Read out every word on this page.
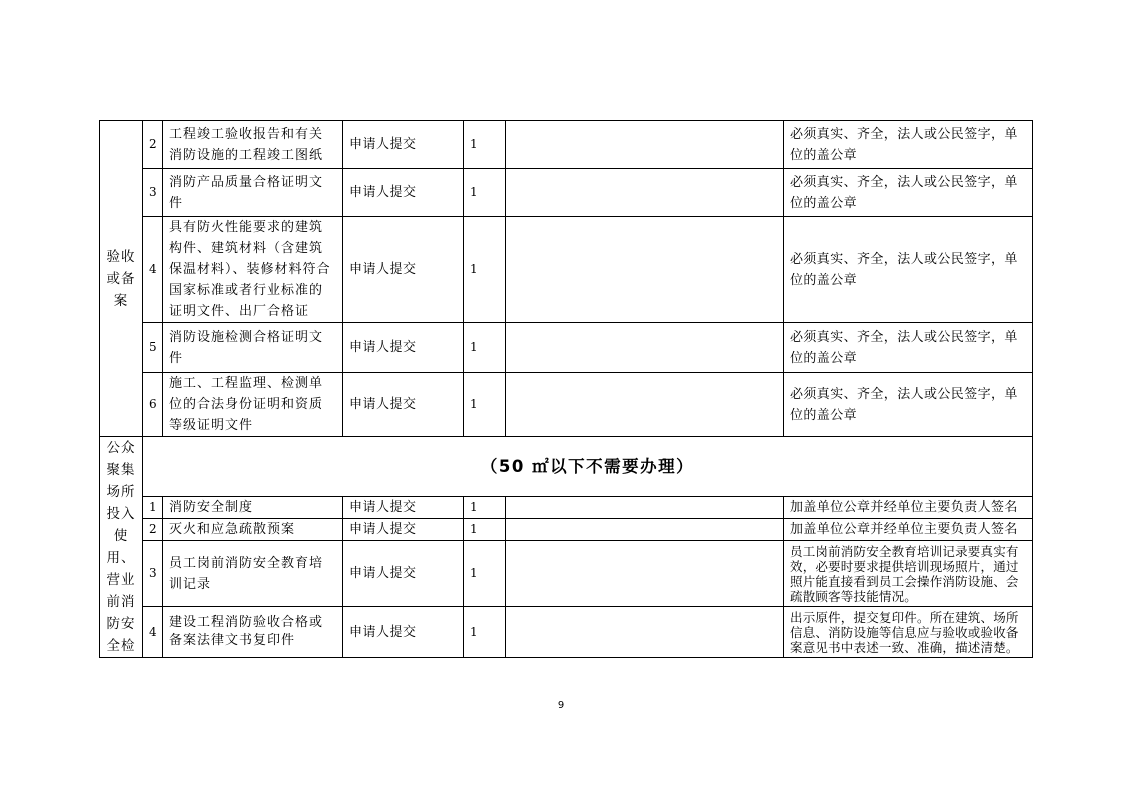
验收或备案	2	工程竣工验收报告和有关消防设施的工程竣工图纸	申请人提交	1		必须真实、齐全，法人或公民签字，单位的盖公章
	3	消防产品质量合格证明文件	申请人提交	1		必须真实、齐全，法人或公民签字，单位的盖公章
	4	具有防火性能要求的建筑构件、建筑材料（含建筑保温材料）、装修材料符合国家标准或者行业标准的证明文件、出厂合格证	申请人提交	1		必须真实、齐全，法人或公民签字，单位的盖公章
	5	消防设施检测合格证明文件	申请人提交	1		必须真实、齐全，法人或公民签字，单位的盖公章
	6	施工、工程监理、检测单位的合法身份证明和资质等级证明文件	申请人提交	1		必须真实、齐全，法人或公民签字，单位的盖公章
公众聚集场所投入使用、营业前消防安全检	（50 ㎡以下不需要办理）					
	1	消防安全制度	申请人提交	1		加盖单位公章并经单位主要负责人签名
	2	灭火和应急疏散预案	申请人提交	1		加盖单位公章并经单位主要负责人签名
	3	员工岗前消防安全教育培训记录	申请人提交	1		员工岗前消防安全教育培训记录要真实有效，必要时要求提供培训现场照片，通过照片能直接看到员工会操作消防设施、会疏散顾客等技能情况。
	4	建设工程消防验收合格或备案法律文书复印件	申请人提交	1		出示原件，提交复印件。所在建筑、场所信息、消防设施等信息应与验收或验收备案意见书中表述一致、准确，描述清楚。
9
